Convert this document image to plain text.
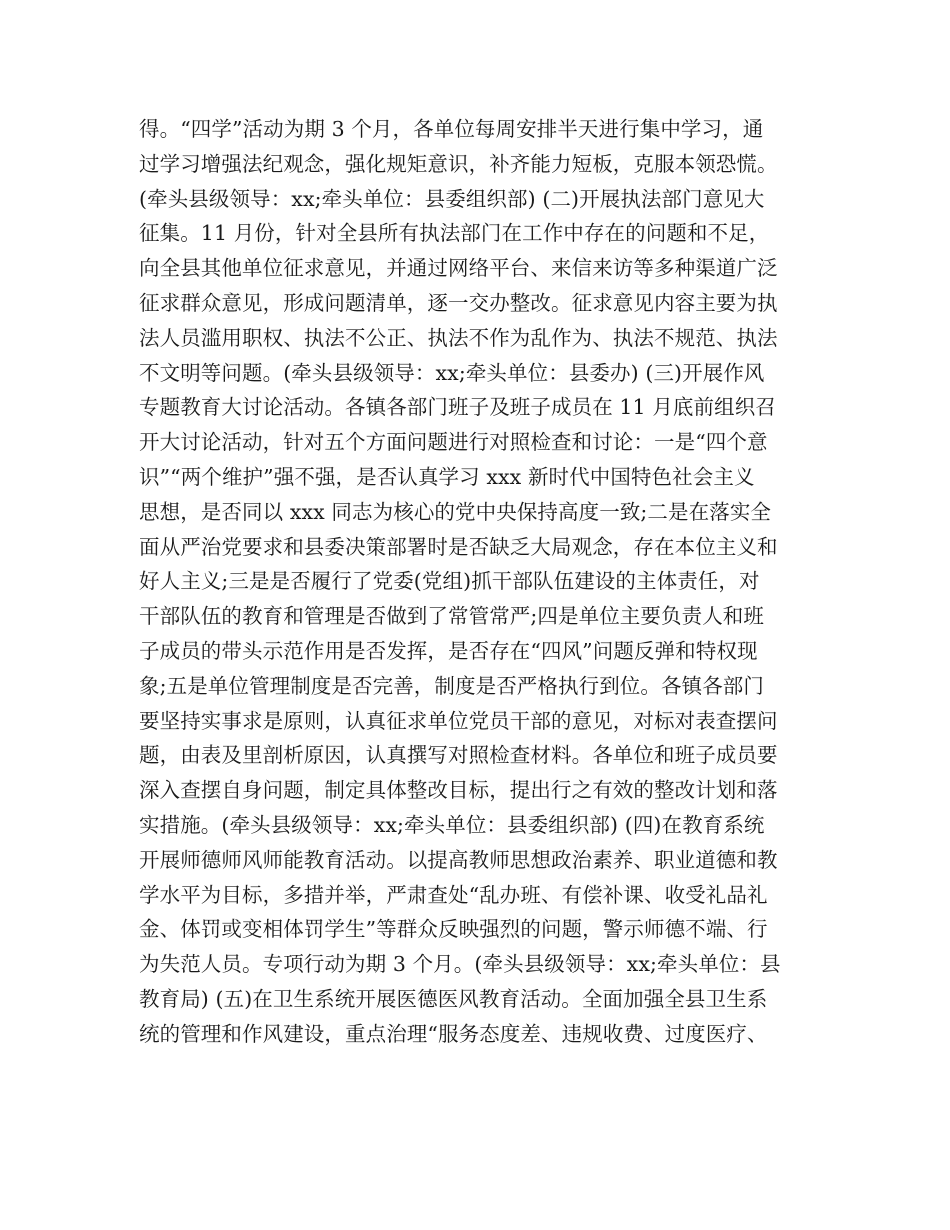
得。“四学”活动为期 3 个月，各单位每周安排半天进行集中学习，通
过学习增强法纪观念，强化规矩意识，补齐能力短板，克服本领恐慌。
(牵头县级领导：xx;牵头单位：县委组织部) (二)开展执法部门意见大
征集。11 月份，针对全县所有执法部门在工作中存在的问题和不足，
向全县其他单位征求意见，并通过网络平台、来信来访等多种渠道广泛
征求群众意见，形成问题清单，逐一交办整改。征求意见内容主要为执
法人员滥用职权、执法不公正、执法不作为乱作为、执法不规范、执法
不文明等问题。(牵头县级领导：xx;牵头单位：县委办) (三)开展作风
专题教育大讨论活动。各镇各部门班子及班子成员在 11 月底前组织召
开大讨论活动，针对五个方面问题进行对照检查和讨论：一是“四个意
识”“两个维护”强不强，是否认真学习 xxx 新时代中国特色社会主义
思想，是否同以 xxx 同志为核心的党中央保持高度一致;二是在落实全
面从严治党要求和县委决策部署时是否缺乏大局观念，存在本位主义和
好人主义;三是是否履行了党委(党组)抓干部队伍建设的主体责任，对
干部队伍的教育和管理是否做到了常管常严;四是单位主要负责人和班
子成员的带头示范作用是否发挥，是否存在“四风”问题反弹和特权现
象;五是单位管理制度是否完善，制度是否严格执行到位。各镇各部门
要坚持实事求是原则，认真征求单位党员干部的意见，对标对表查摆问
题，由表及里剖析原因，认真撰写对照检查材料。各单位和班子成员要
深入查摆自身问题，制定具体整改目标，提出行之有效的整改计划和落
实措施。(牵头县级领导：xx;牵头单位：县委组织部) (四)在教育系统
开展师德师风师能教育活动。以提高教师思想政治素养、职业道德和教
学水平为目标，多措并举，严肃查处“乱办班、有偿补课、收受礼品礼
金、体罚或变相体罚学生”等群众反映强烈的问题，警示师德不端、行
为失范人员。专项行动为期 3 个月。(牵头县级领导：xx;牵头单位：县
教育局) (五)在卫生系统开展医德医风教育活动。全面加强全县卫生系
统的管理和作风建设，重点治理“服务态度差、违规收费、过度医疗、
